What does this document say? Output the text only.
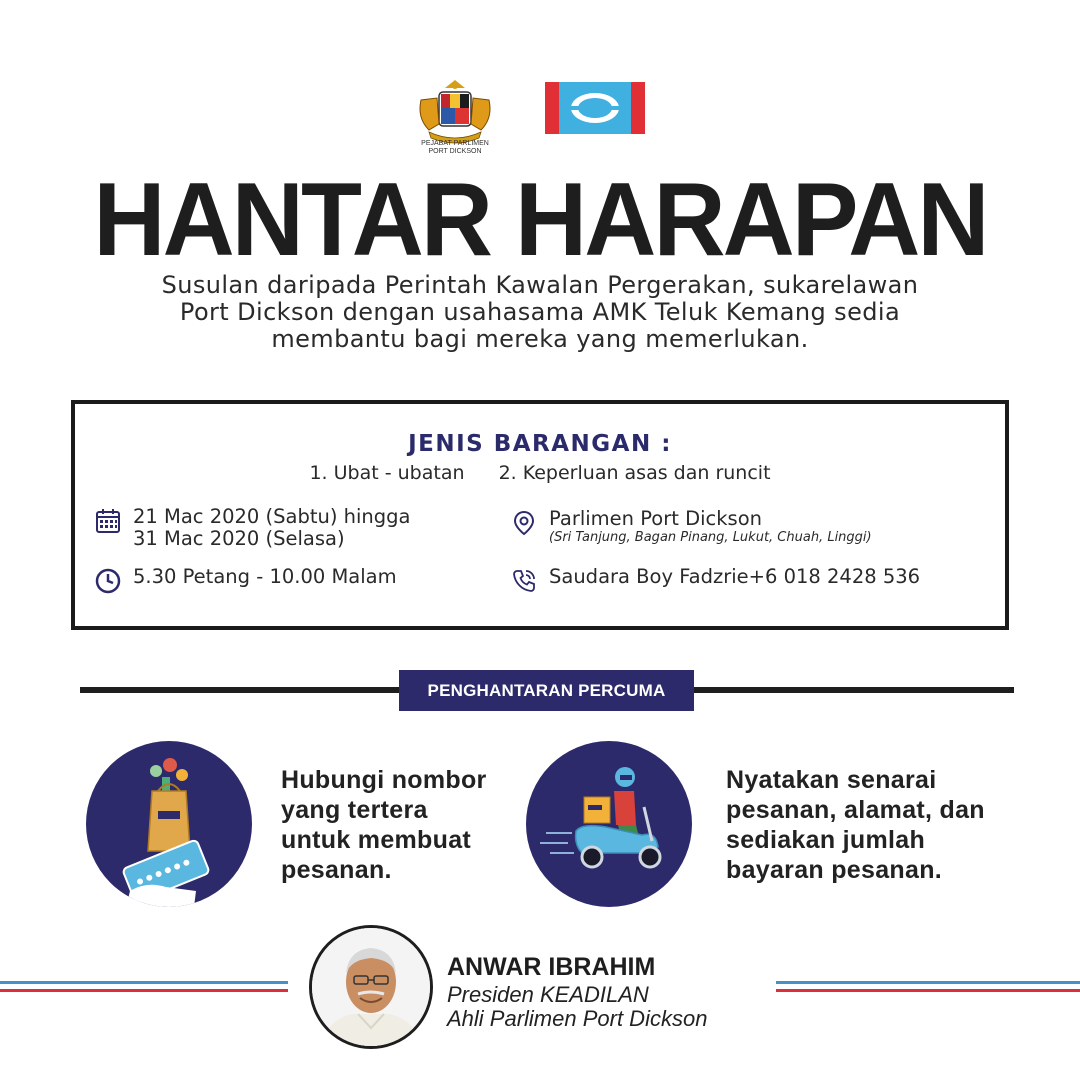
PEJABAT PARLIMEN
PORT DICKSON
HANTAR HARAPAN
Susulan daripada Perintah Kawalan Pergerakan, sukarelawan
Port Dickson dengan usahasama AMK Teluk Kemang sedia
membantu bagi mereka yang memerlukan.
JENIS BARANGAN :
1. Ubat - ubatan 2. Keperluan asas dan runcit
21 Mac 2020 (Sabtu) hingga
31 Mac 2020 (Selasa)
5.30 Petang - 10.00 Malam
Parlimen Port Dickson
(Sri Tanjung, Bagan Pinang, Lukut, Chuah, Linggi)
Saudara Boy Fadzrie+6 018 2428 536
PENGHANTARAN PERCUMA
Hubungi nombor
yang tertera
untuk membuat
pesanan.
Nyatakan senarai
pesanan, alamat, dan
sediakan jumlah
bayaran pesanan.
ANWAR IBRAHIM
Presiden KEADILAN
Ahli Parlimen Port Dickson
